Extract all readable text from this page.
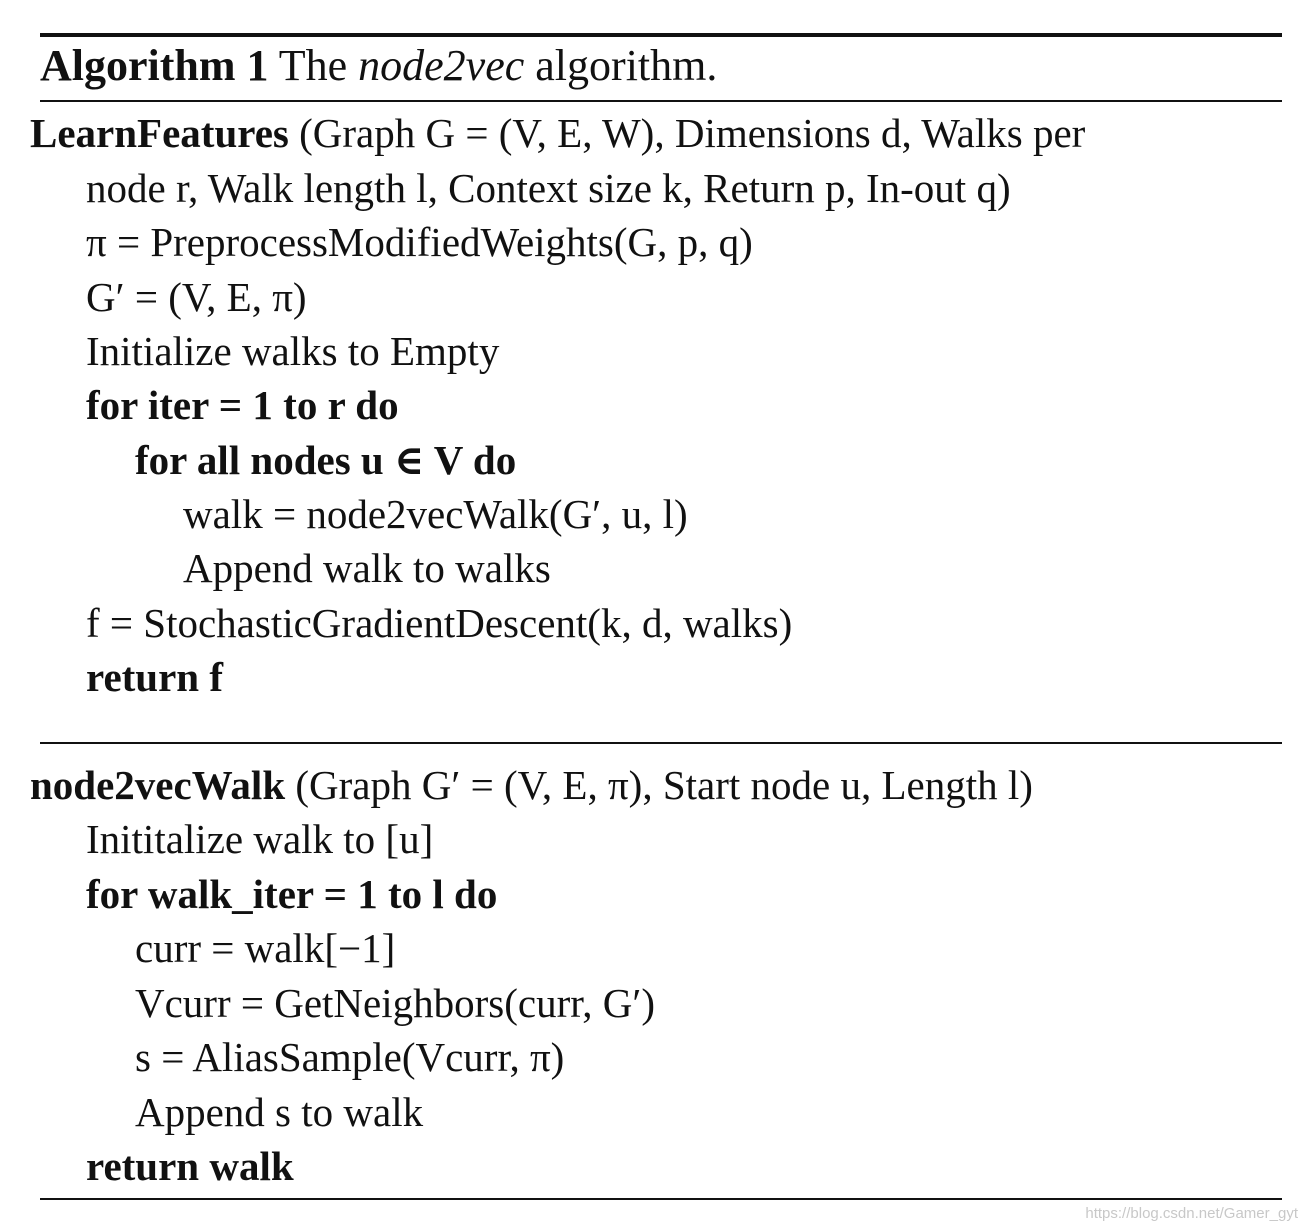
Algorithm 1 The node2vec algorithm.
LearnFeatures (Graph G = (V, E, W), Dimensions d, Walks per
node r, Walk length l, Context size k, Return p, In-out q)
π = PreprocessModifiedWeights(G, p, q)
G′ = (V, E, π)
Initialize walks to Empty
for iter = 1 to r do
for all nodes u ∈ V do
walk = node2vecWalk(G′, u, l)
Append walk to walks
f = StochasticGradientDescent(k, d, walks)
return f
node2vecWalk (Graph G′ = (V, E, π), Start node u, Length l)
Inititalize walk to [u]
for walk_iter = 1 to l do
curr = walk[−1]
Vcurr = GetNeighbors(curr, G′)
s = AliasSample(Vcurr, π)
Append s to walk
return walk
https://blog.csdn.net/Gamer_gyt
